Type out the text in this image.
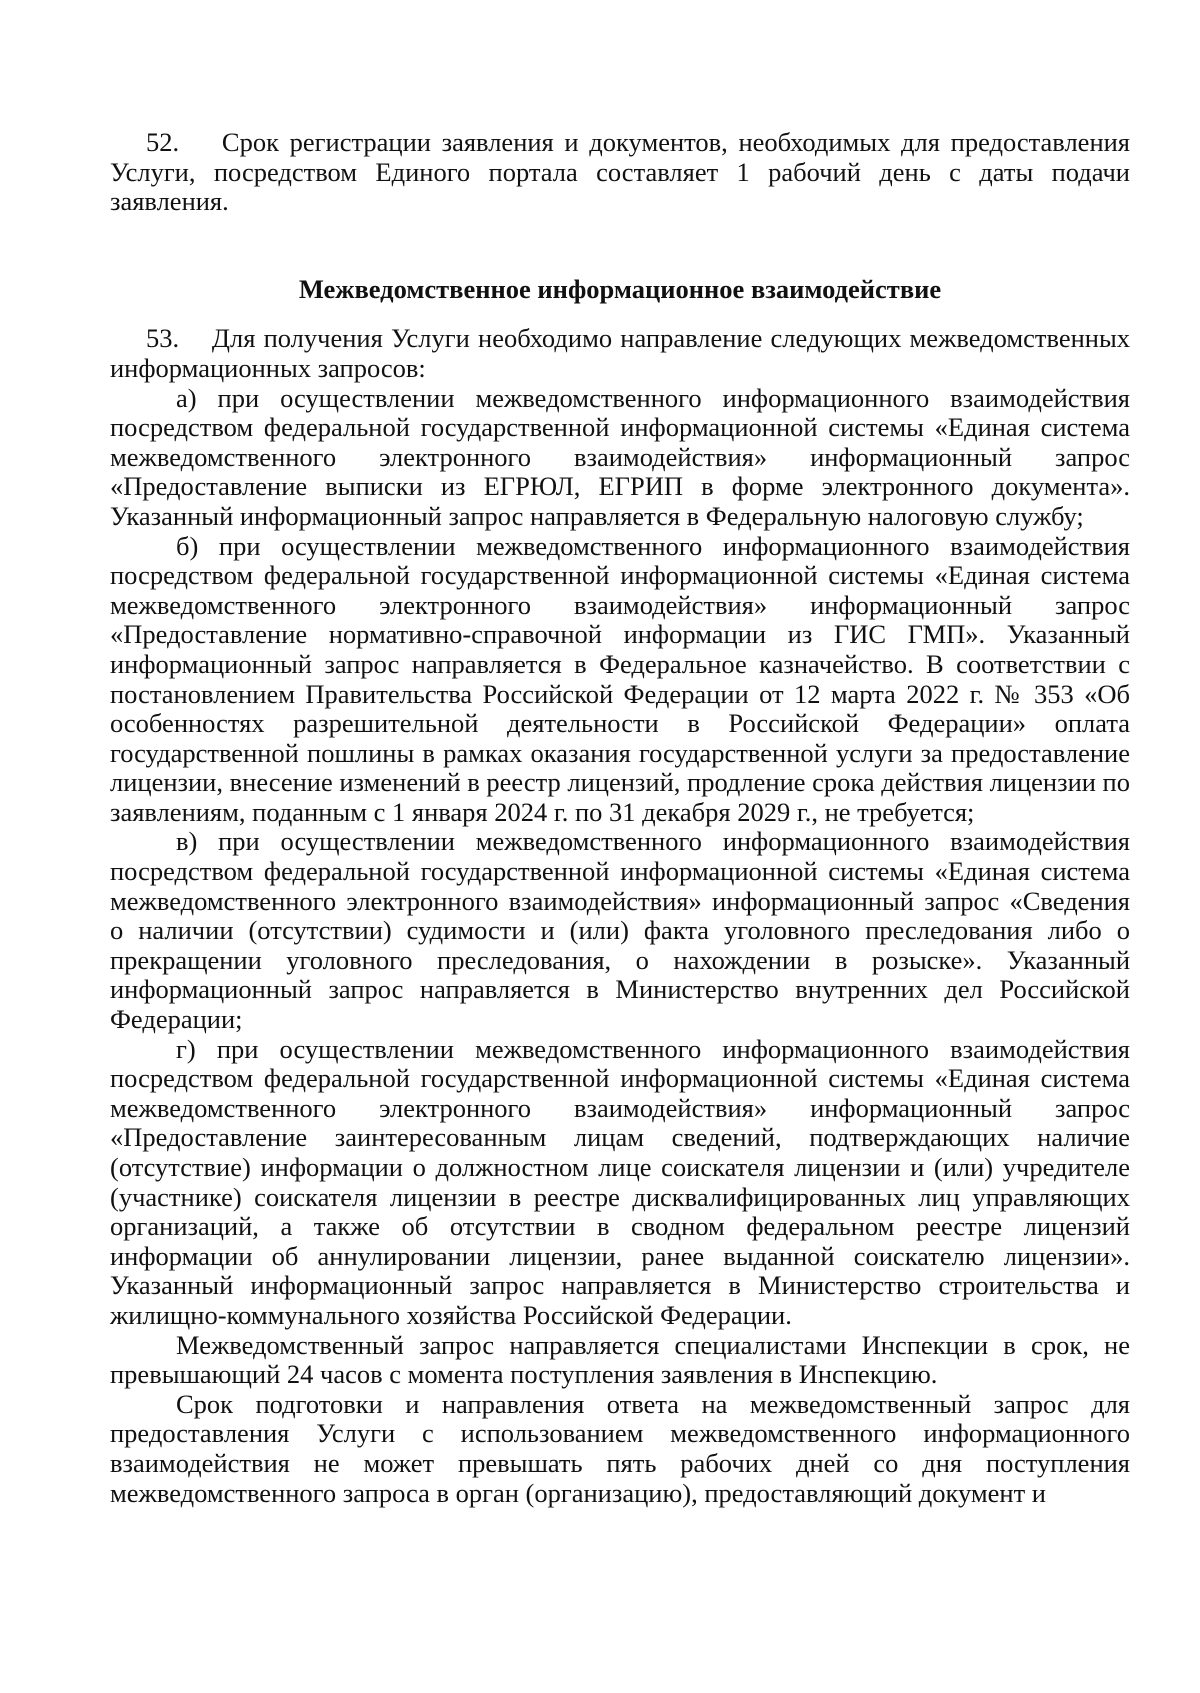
52.    Срок регистрации заявления и документов, необходимых для предоставления Услуги, посредством Единого портала составляет 1 рабочий день с даты подачи заявления.

Межведомственное информационное взаимодействие

53.    Для получения Услуги необходимо направление следующих межведомственных информационных запросов:

а) при осуществлении межведомственного информационного взаимодействия посредством федеральной государственной информационной системы «Единая система межведомственного электронного взаимодействия» информационный запрос «Предоставление выписки из ЕГРЮЛ, ЕГРИП в форме электронного документа». Указанный информационный запрос направляется в Федеральную налоговую службу;

б) при осуществлении межведомственного информационного взаимодействия посредством федеральной государственной информационной системы «Единая система межведомственного электронного взаимодействия» информационный запрос «Предоставление нормативно-справочной информации из ГИС ГМП». Указанный информационный запрос направляется в Федеральное казначейство. В соответствии с постановлением Правительства Российской Федерации от 12 марта 2022 г. № 353 «Об особенностях разрешительной деятельности в Российской Федерации» оплата государственной пошлины в рамках оказания государственной услуги за предоставление лицензии, внесение изменений в реестр лицензий, продление срока действия лицензии по заявлениям, поданным с 1 января 2024 г. по 31 декабря 2029 г., не требуется;

в) при осуществлении межведомственного информационного взаимодействия посредством федеральной государственной информационной системы «Единая система межведомственного электронного взаимодействия» информационный запрос «Сведения о наличии (отсутствии) судимости и (или) факта уголовного преследования либо о прекращении уголовного преследования, о нахождении в розыске». Указанный информационный запрос направляется в Министерство внутренних дел Российской Федерации;

г) при осуществлении межведомственного информационного взаимодействия посредством федеральной государственной информационной системы «Единая система межведомственного электронного взаимодействия» информационный запрос «Предоставление заинтересованным лицам сведений, подтверждающих наличие (отсутствие) информации о должностном лице соискателя лицензии и (или) учредителе (участнике) соискателя лицензии в реестре дисквалифицированных лиц управляющих организаций, а также об отсутствии в сводном федеральном реестре лицензий информации об аннулировании лицензии, ранее выданной соискателю лицензии». Указанный информационный запрос направляется в Министерство строительства и жилищно-коммунального хозяйства Российской Федерации.

Межведомственный запрос направляется специалистами Инспекции в срок, не превышающий 24 часов с момента поступления заявления в Инспекцию.

Срок подготовки и направления ответа на межведомственный запрос для предоставления Услуги с использованием межведомственного информационного взаимодействия не может превышать пять рабочих дней со дня поступления межведомственного запроса в орган (организацию), предоставляющий документ и
